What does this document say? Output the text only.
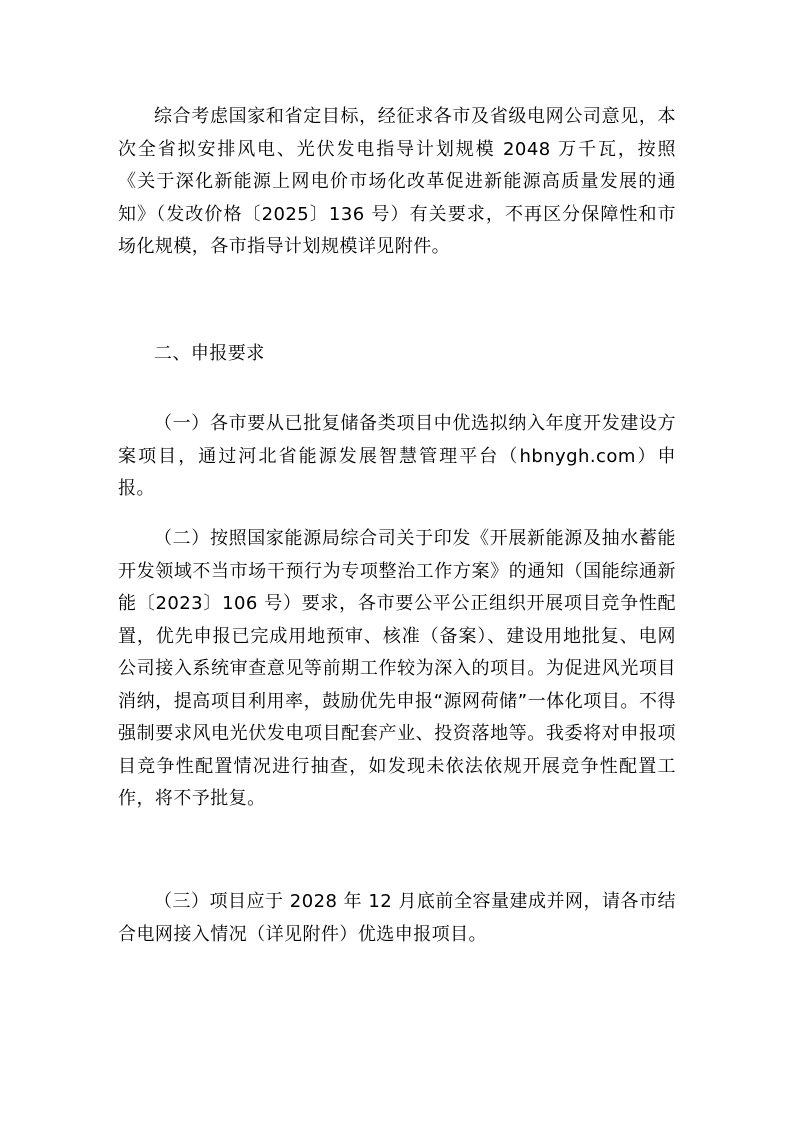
综合考虑国家和省定目标，经征求各市及省级电网公司意见，本次全省拟安排风电、光伏发电指导计划规模 2048 万千瓦，按照《关于深化新能源上网电价市场化改革促进新能源高质量发展的通知》（发改价格〔2025〕136 号）有关要求，不再区分保障性和市场化规模，各市指导计划规模详见附件。

二、申报要求

（一）各市要从已批复储备类项目中优选拟纳入年度开发建设方案项目，通过河北省能源发展智慧管理平台（hbnygh.com）申报。

（二）按照国家能源局综合司关于印发《开展新能源及抽水蓄能开发领域不当市场干预行为专项整治工作方案》的通知（国能综通新能〔2023〕106 号）要求，各市要公平公正组织开展项目竞争性配置，优先申报已完成用地预审、核准（备案）、建设用地批复、电网公司接入系统审查意见等前期工作较为深入的项目。为促进风光项目消纳，提高项目利用率，鼓励优先申报“源网荷储”一体化项目。不得强制要求风电光伏发电项目配套产业、投资落地等。我委将对申报项目竞争性配置情况进行抽查，如发现未依法依规开展竞争性配置工作，将不予批复。

（三）项目应于 2028 年 12 月底前全容量建成并网，请各市结合电网接入情况（详见附件）优选申报项目。
